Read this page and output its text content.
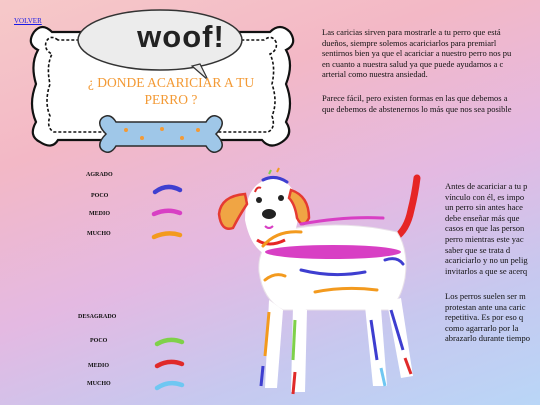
VOLVER	woof!
¿ DONDE ACARICIAR A TU
PERRO ?
Las caricias sirven para mostrarle a tu perro que está
dueños, siempre solemos acariciarlos para premiarl
sentirnos bien ya que el acariciar a nuestro perro nos pu
en cuanto a nuestra salud ya que puede ayudarnos a c
arterial como nuestra ansiedad.
Parece fácil, pero existen formas en las que debemos a
que debemos de abstenernos lo más que nos sea posible
Antes de acariciar a tu p
vínculo con él, es impo
un perro sin antes hace
debe enseñar más que
casos en que las person
perro mientras este yac
saber que se trata d
acariciarlo y no un pelig
invitarlos a que se acerq
Los perros suelen ser m
protestan ante una caric
repetitiva. Es por eso q
como agarrarlo por la
abrazarlo durante tiempo
AGRADO
POCO
MEDIO
MUCHO
DESAGRADO
POCO
MEDIO
MUCHO
